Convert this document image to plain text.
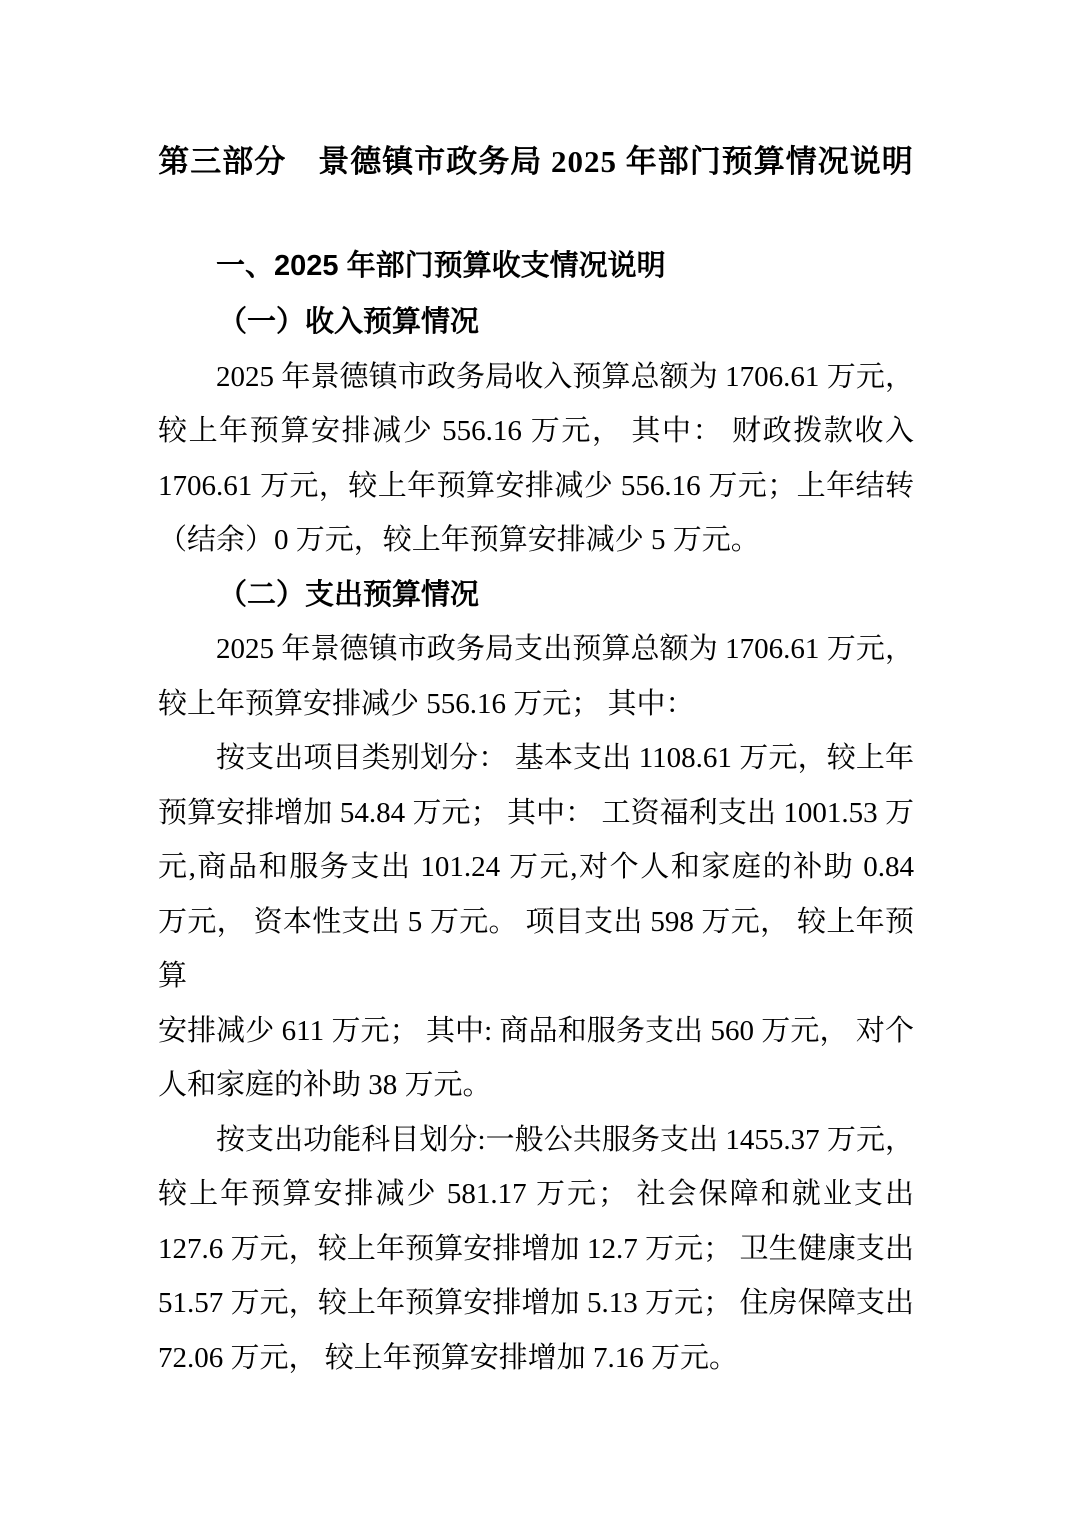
第三部分　景德镇市政务局 2025 年部门预算情况说明
一、2025 年部门预算收支情况说明
（一）收入预算情况
2025 年景德镇市政务局收入预算总额为 1706.61 万元，
较上年预算安排减少 556.16 万元， 其中： 财政拨款收入
1706.61 万元，较上年预算安排减少 556.16 万元；上年结转
（结余）0 万元，较上年预算安排减少 5 万元。
（二）支出预算情况
2025 年景德镇市政务局支出预算总额为 1706.61 万元，
较上年预算安排减少 556.16 万元； 其中：
按支出项目类别划分： 基本支出 1108.61 万元，较上年
预算安排增加 54.84 万元； 其中： 工资福利支出 1001.53 万
元,商品和服务支出 101.24 万元,对个人和家庭的补助 0.84
万元， 资本性支出 5 万元。 项目支出 598 万元， 较上年预算
安排减少 611 万元； 其中: 商品和服务支出 560 万元， 对个
人和家庭的补助 38 万元。
按支出功能科目划分:一般公共服务支出 1455.37 万元，
较上年预算安排减少 581.17 万元； 社会保障和就业支出
127.6 万元，较上年预算安排增加 12.7 万元； 卫生健康支出
51.57 万元，较上年预算安排增加 5.13 万元； 住房保障支出
72.06 万元， 较上年预算安排增加 7.16 万元。
